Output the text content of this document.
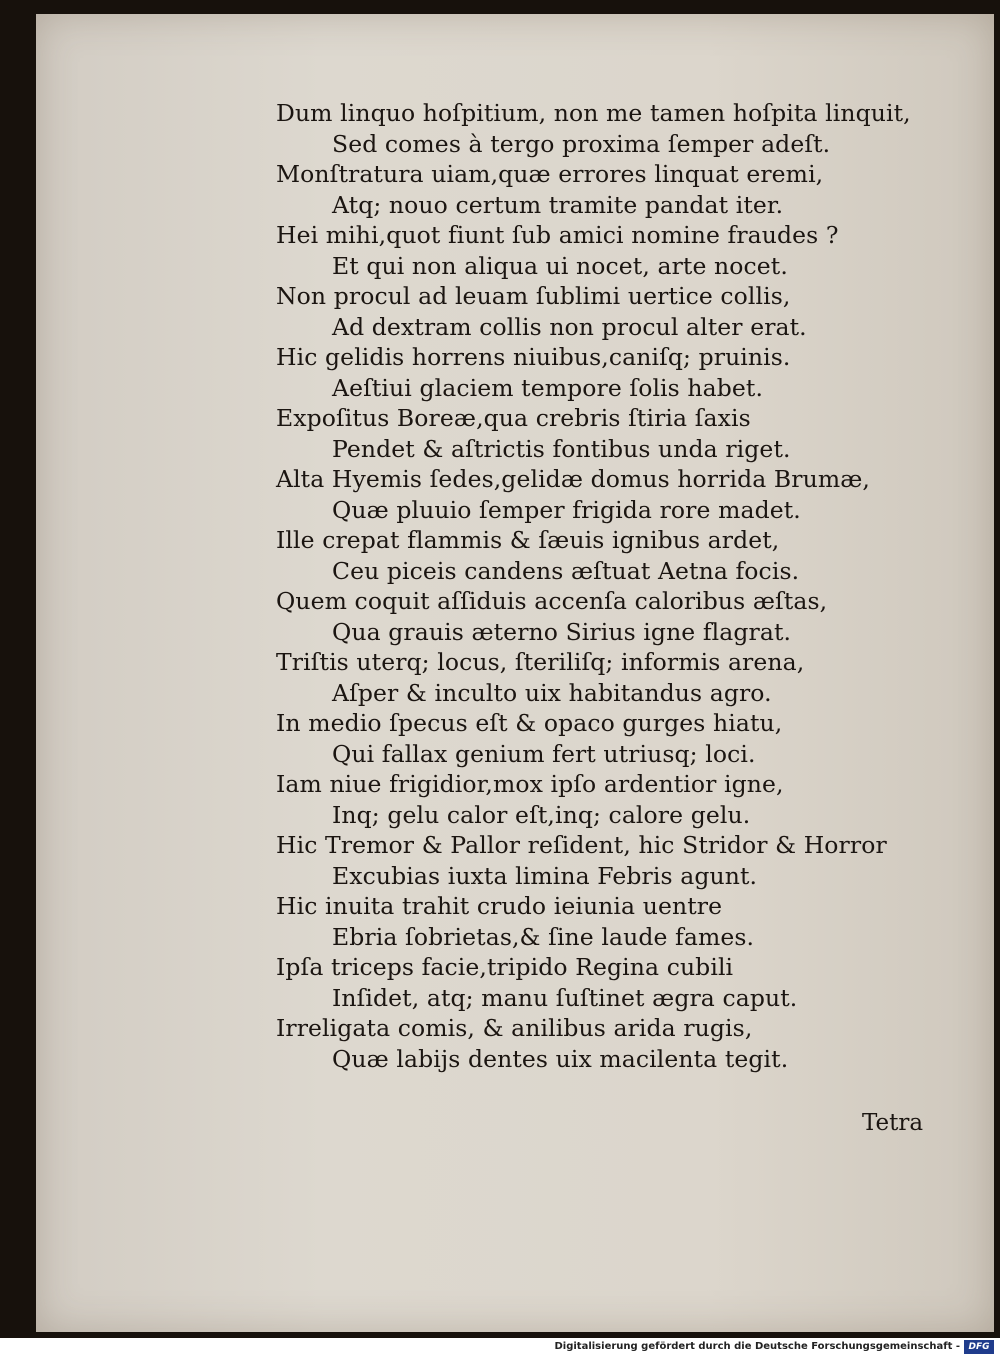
Dum linquo hoſpitium, non me tamen hoſpita linquit,
Sed comes à tergo proxima ſemper adeſt.
Monſtratura uiam,quæ errores linquat eremi,
Atq; nouo certum tramite pandat iter.
Hei mihi,quot fiunt ſub amici nomine fraudes ?
Et qui non aliqua ui nocet, arte nocet.
Non procul ad leuam ſublimi uertice collis,
Ad dextram collis non procul alter erat.
Hic gelidis horrens niuibus,caniſq; pruinis.
Aeſtiui glaciem tempore ſolis habet.
Expoſitus Boreæ,qua crebris ſtiria ſaxis
Pendet & aſtrictis fontibus unda riget.
Alta Hyemis ſedes,gelidæ domus horrida Brumæ,
Quæ pluuio ſemper frigida rore madet.
Ille crepat flammis & ſæuis ignibus ardet,
Ceu piceis candens æſtuat Aetna focis.
Quem coquit aſſiduis accenſa caloribus æſtas,
Qua grauis æterno Sirius igne flagrat.
Triſtis uterq; locus, ſteriliſq; informis arena,
Aſper & inculto uix habitandus agro.
In medio ſpecus eſt & opaco gurges hiatu,
Qui fallax genium fert utriusq; loci.
Iam niue frigidior,mox ipſo ardentior igne,
Inq; gelu calor eſt,inq; calore gelu.
Hic Tremor & Pallor reſident, hic Stridor & Horror
Excubias iuxta limina Febris agunt.
Hic inuita trahit crudo ieiunia uentre
Ebria ſobrietas,& ſine laude fames.
Ipſa triceps facie,tripido Regina cubili
Inſidet, atq; manu ſuſtinet ægra caput.
Irreligata comis, & anilibus arida rugis,
Quæ labijs dentes uix macilenta tegit.
Tetra
Digitalisierung gefördert durch die Deutsche Forschungsgemeinschaft - DFG
